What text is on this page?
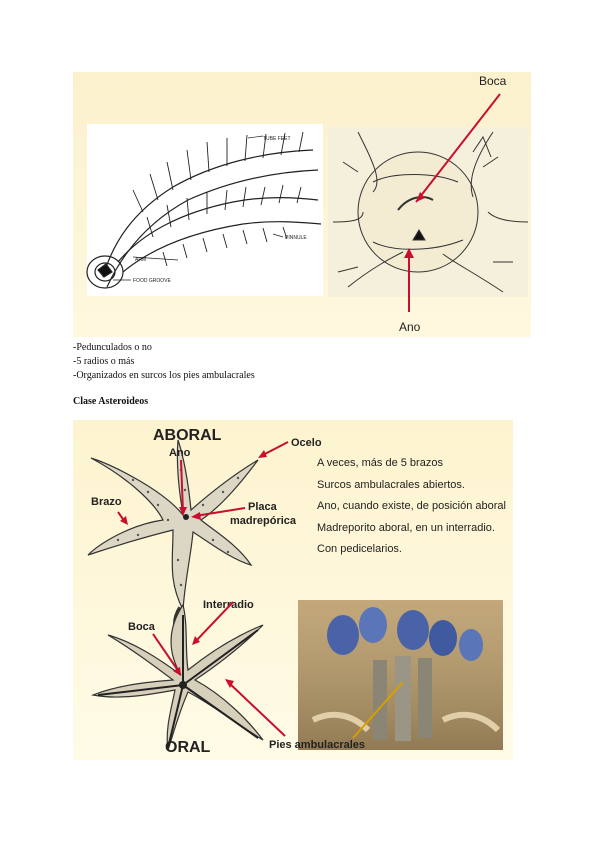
TUBE FEET
PINNULE
ARM
FOOD GROOVE
Boca
Ano
-Pedunculados o no
-5 radios o más
-Organizados en surcos los pies ambulacrales
Clase Asteroideos
ABORAL
Ano
Ocelo
Brazo	Placa
madrepórica
Interradio
Boca
Pies ambulacrales
ORAL
A veces, más de 5 brazos
Surcos ambulacrales abiertos.
Ano, cuando existe, de posición aboral
Madreporito aboral, en un interradio.
Con pedicelarios.
